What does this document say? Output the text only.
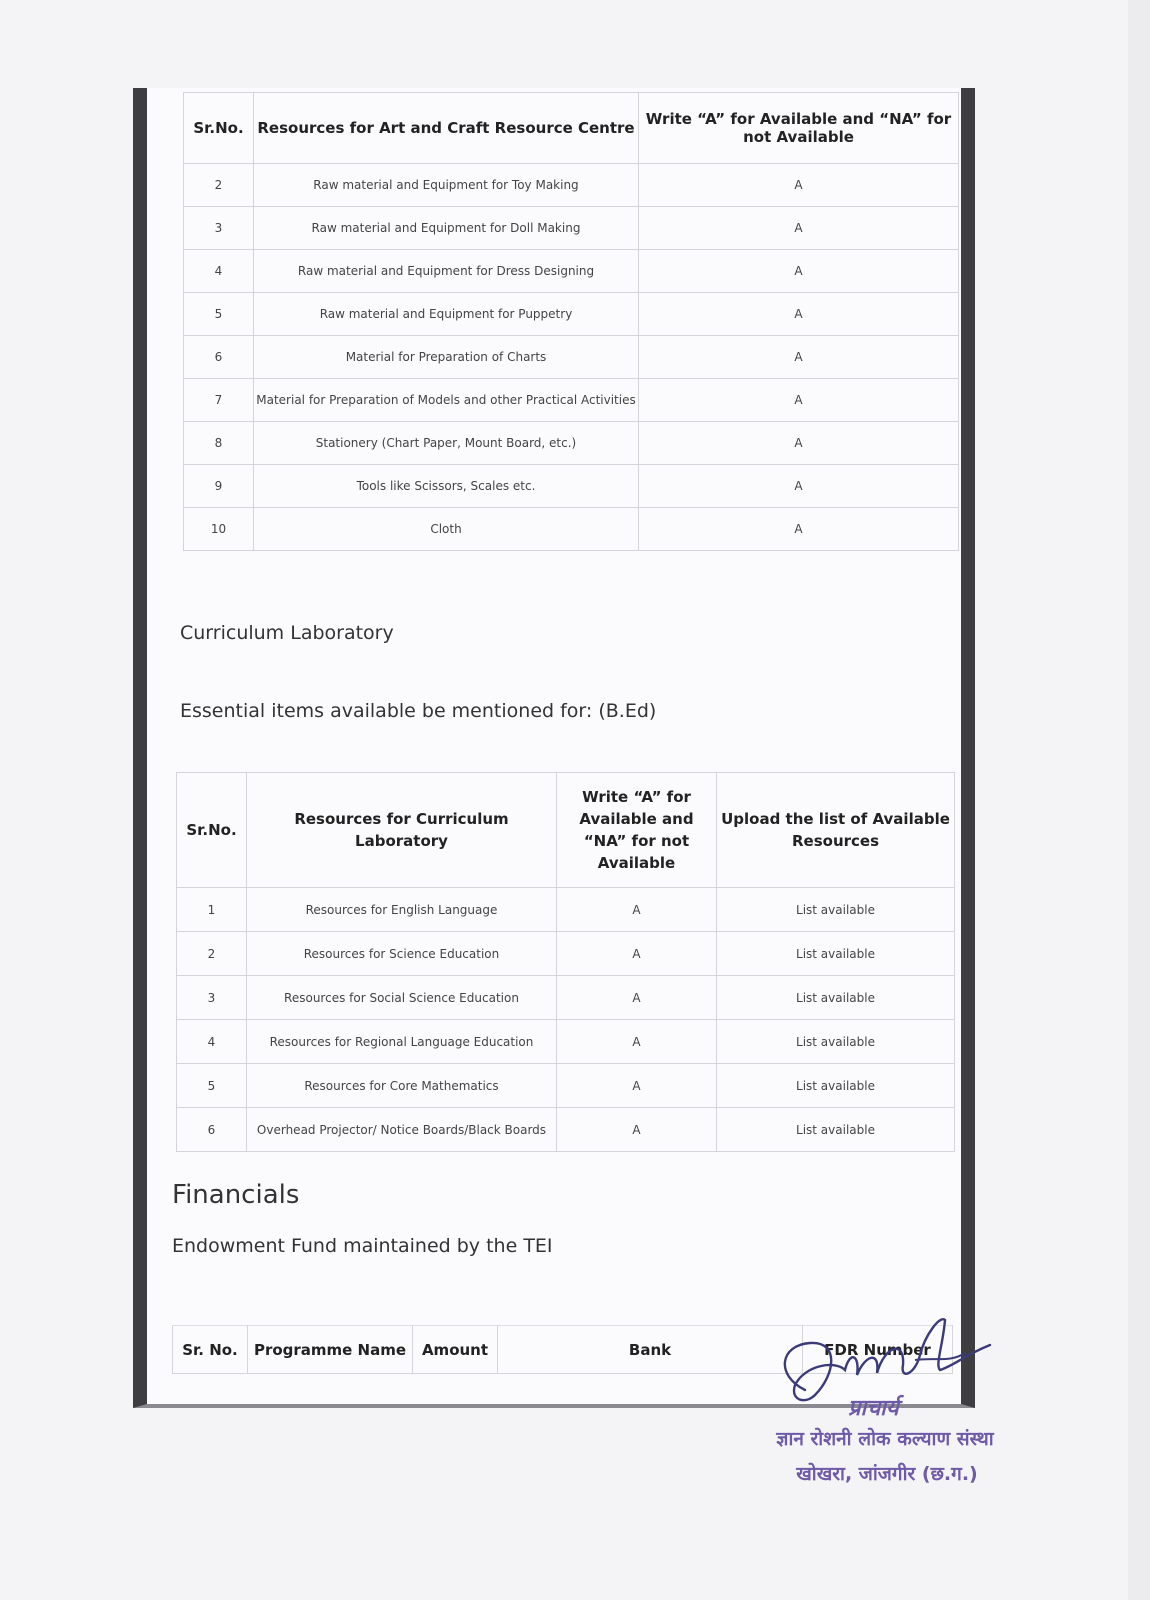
Sr.No.	Resources for Art and Craft Resource Centre	Write “A” for Available and “NA” for not Available
2	Raw material and Equipment for Toy Making	A
3	Raw material and Equipment for Doll Making	A
4	Raw material and Equipment for Dress Designing	A
5	Raw material and Equipment for Puppetry	A
6	Material for Preparation of Charts	A
7	Material for Preparation of Models and other Practical Activities	A
8	Stationery (Chart Paper, Mount Board, etc.)	A
9	Tools like Scissors, Scales etc.	A
10	Cloth	A
Curriculum Laboratory
Essential items available be mentioned for: (B.Ed)
Sr.No.	Resources for Curriculum Laboratory	Write “A” for Available and “NA” for not Available	Upload the list of Available Resources
1	Resources for English Language	A	List available
2	Resources for Science Education	A	List available
3	Resources for Social Science Education	A	List available
4	Resources for Regional Language Education	A	List available
5	Resources for Core Mathematics	A	List available
6	Overhead Projector/ Notice Boards/Black Boards	A	List available
Financials
Endowment Fund maintained by the TEI
Sr. No.	Programme Name	Amount	Bank	FDR Number
प्राचार्य
ज्ञान रोशनी लोक कल्याण संस्था
खोखरा, जांजगीर (छ.ग.)
